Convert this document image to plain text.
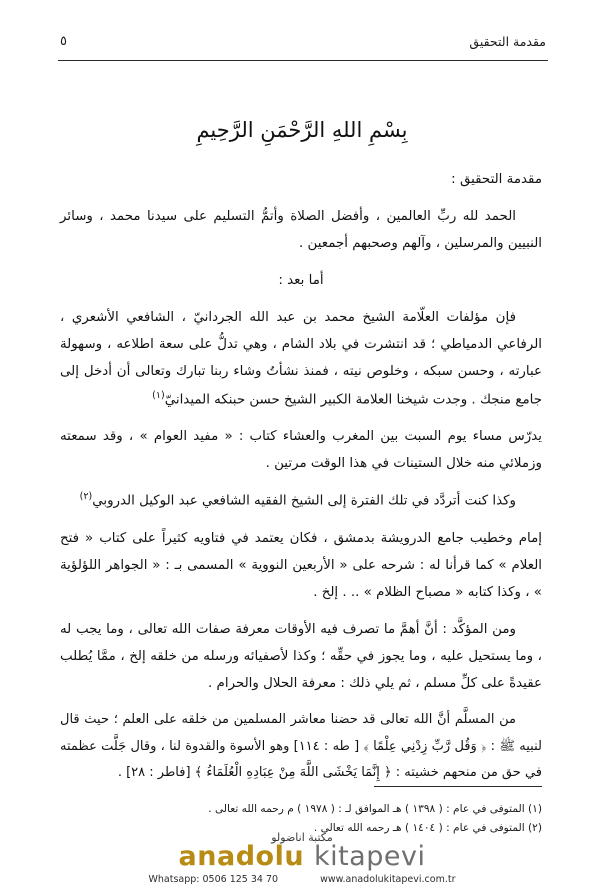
مقدمة التحقيق
٥
بِسْمِ اللهِ الرَّحْمَنِ الرَّحِيمِ

مقدمة التحقيق :

الحمد لله ربِّ العالمين ، وأفضل الصلاة وأتمُّ التسليم على سيدنا محمد ، وسائر النبيين والمرسلين ، وآلهم وصحبهم أجمعين .

أما بعد :

فإن مؤلفات العلّامة الشيخ محمد بن عبد الله الجردانيّ ، الشافعي الأشعري ، الرفاعي الدمياطي ؛ قد انتشرت في بلاد الشام ، وهي تدلُّ على سعة اطلاعه ، وسهولة عبارته ، وحسن سبكه ، وخلوص نيته ، فمنذ نشأتُ وشاء ربنا تبارك وتعالى أن أدخل إلى جامع منجك . وجدت شيخنا العلامة الكبير الشيخ حسن حبنكه الميدانيّ$^{(١)}$

يدرّس مساء يوم السبت بين المغرب والعشاء كتاب : « مفيد العوام » ، وقد سمعته وزملائي منه خلال الستينات في هذا الوقت مرتين .

وكذا كنت أتردَّد في تلك الفترة إلى الشيخ الفقيه الشافعي عبد الوكيل الدروبي$^{(٢)}$

إمام وخطيب جامع الدرويشة بدمشق ، فكان يعتمد في فتاويه كثيراً على كتاب « فتح العلام » كما قرأنا له : شرحه على « الأربعين النووية » المسمى بـ : « الجواهر اللؤلؤية » ، وكذا كتابه « مصباح الظلام » .. . إلخ .

ومن المؤكَّد : أنَّ أهمَّ ما تصرف فيه الأوقات معرفة صفات الله تعالى ، وما يجب له ، وما يستحيل عليه ، وما يجوز في حقِّه ؛ وكذا لأصفيائه ورسله من خلقه إلخ ، ممَّا يُطلب عقيدةً على كلِّ مسلم ، ثم يلي ذلك : معرفة الحلال والحرام .

من المسلَّم أنَّ الله تعالى قد حضنا معاشر المسلمين من خلقه على العلم ؛ حيث قال لنبيه ﷺ : ﴿ وَقُل رَّبِّ زِدْنِي عِلْمًا ﴾ [ طه : ١١٤] وهو الأسوة والقدوة لنا ، وقال جَلَّت عظمته في حق من منحهم خشيته : ﴿ إِنَّمَا يَخْشَى اللَّهَ مِنْ عِبَادِهِ الْعُلَمَاءُ ﴾ [فاطر : ٢٨] .

(١) المتوفى في عام : ( ١٣٩٨ ) هـ الموافق لـ : ( ١٩٧٨ ) م رحمه الله تعالى .
(٢) المتوفى في عام : ( ١٤٠٤ ) هـ رحمه الله تعالى .
مكتبة اناضولو
anadolu kitapevi
Whatsapp: 0506 125 34 70	www.anadolukitapevi.com.tr
